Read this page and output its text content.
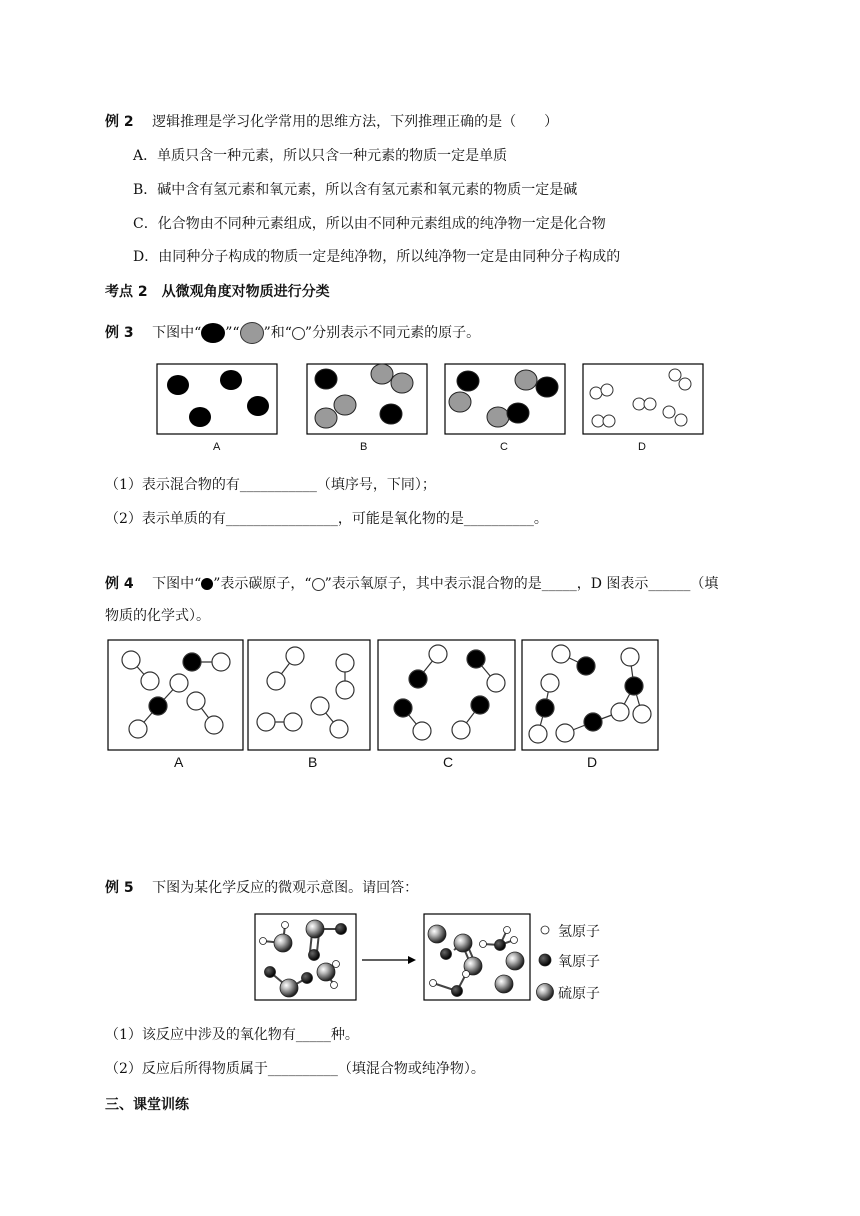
例 2 逻辑推理是学习化学常用的思维方法，下列推理正确的是（　　）
A．单质只含一种元素，所以只含一种元素的物质一定是单质
B．碱中含有氢元素和氧元素，所以含有氢元素和氧元素的物质一定是碱
C．化合物由不同种元素组成，所以由不同种元素组成的纯净物一定是化合物
D．由同种分子构成的物质一定是纯净物，所以纯净物一定是由同种分子构成的
考点 2　从微观角度对物质进行分类
例 3 下图中“ ”“ ”和“ ”分别表示不同元素的原子。
A	B	C	D
（1）表示混合物的有___________（填序号，下同）；
（2）表示单质的有________________，可能是氧化物的是__________。
例 4 下图中“ ”表示碳原子，“ ”表示氧原子，其中表示混合物的是_____，D 图表示______（填
物质的化学式）。
A	B	C	D
例 5 下图为某化学反应的微观示意图。请回答：
氢原子
氧原子
硫原子
（1）该反应中涉及的氧化物有_____种。
（2）反应后所得物质属于__________（填混合物或纯净物）。
三、课堂训练
